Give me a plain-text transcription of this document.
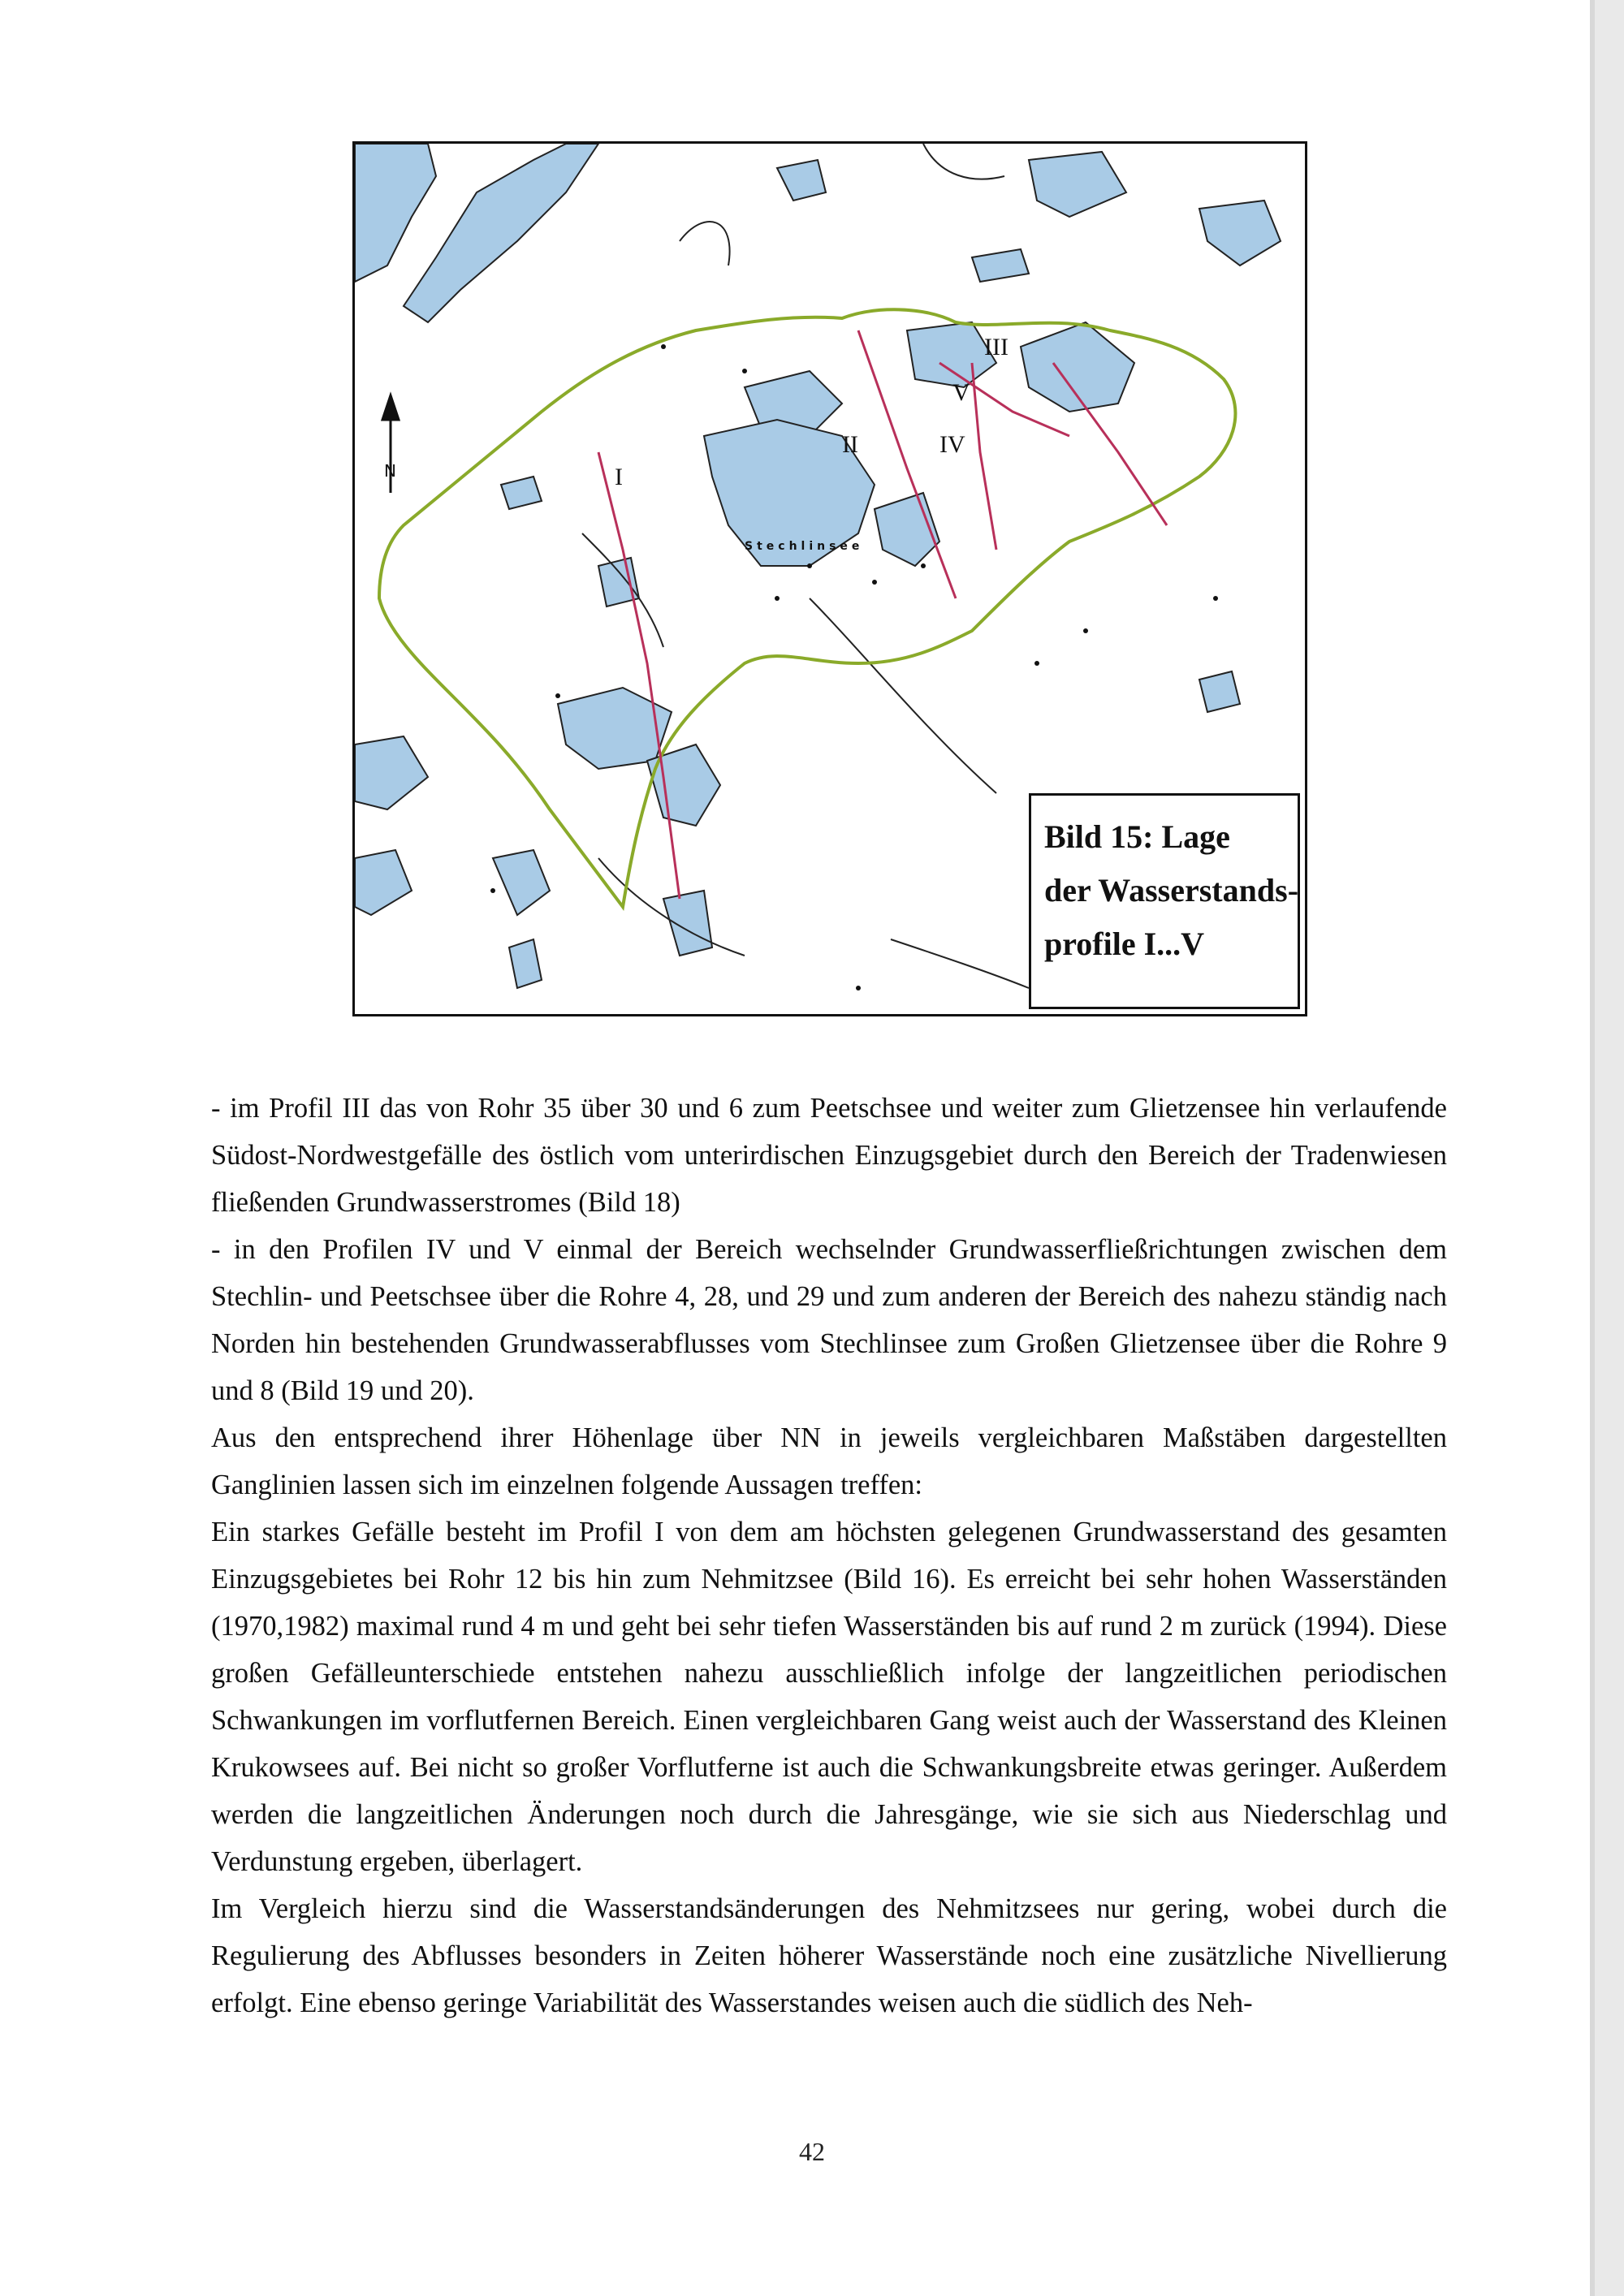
N	I
II
III
IV
V
Stechlinsee
Bild 15: Lage
der Wasserstands-
profile I...V

- im Profil III das von Rohr 35 über 30 und 6 zum Peetschsee und weiter zum Glietzensee hin verlaufende Südost-Nordwestgefälle des östlich vom unterirdischen Einzugsgebiet durch den Bereich der Tradenwiesen fließenden Grundwasserstromes (Bild 18)

- in den Profilen IV und V einmal der Bereich wechselnder Grundwasserfließrichtungen zwischen dem Stechlin- und Peetschsee über die Rohre 4, 28, und 29 und zum anderen der Bereich des nahezu ständig nach Norden hin bestehenden Grundwasserabflusses vom Stechlinsee zum Großen Glietzensee über die Rohre 9 und 8 (Bild 19 und 20).

Aus den entsprechend ihrer Höhenlage über NN in jeweils vergleichbaren Maßstäben dargestellten Ganglinien lassen sich im einzelnen folgende Aussagen treffen:

Ein starkes Gefälle besteht im Profil I von dem am höchsten gelegenen Grundwasserstand des gesamten Einzugsgebietes bei Rohr 12 bis hin zum Nehmitzsee (Bild 16). Es erreicht bei sehr hohen Wasserständen (1970,1982) maximal rund 4 m und geht bei sehr tiefen Wasserständen bis auf rund 2 m zurück (1994). Diese großen Gefälleunterschiede entstehen nahezu ausschließlich infolge der langzeitlichen periodischen Schwankungen im vorflutfernen Bereich. Einen vergleichbaren Gang weist auch der Wasserstand des Kleinen Krukowsees auf. Bei nicht so großer Vorflutferne ist auch die Schwankungsbreite etwas geringer. Außerdem werden die langzeitlichen Änderungen noch durch die Jahresgänge, wie sie sich aus Niederschlag und Verdunstung ergeben, überlagert.

Im Vergleich hierzu sind die Wasserstandsänderungen des Nehmitzsees nur gering, wobei durch die Regulierung des Abflusses besonders in Zeiten höherer Wasserstände noch eine zusätzliche Nivellierung erfolgt. Eine ebenso geringe Variabilität des Wasserstandes weisen auch die südlich des Neh-

42
